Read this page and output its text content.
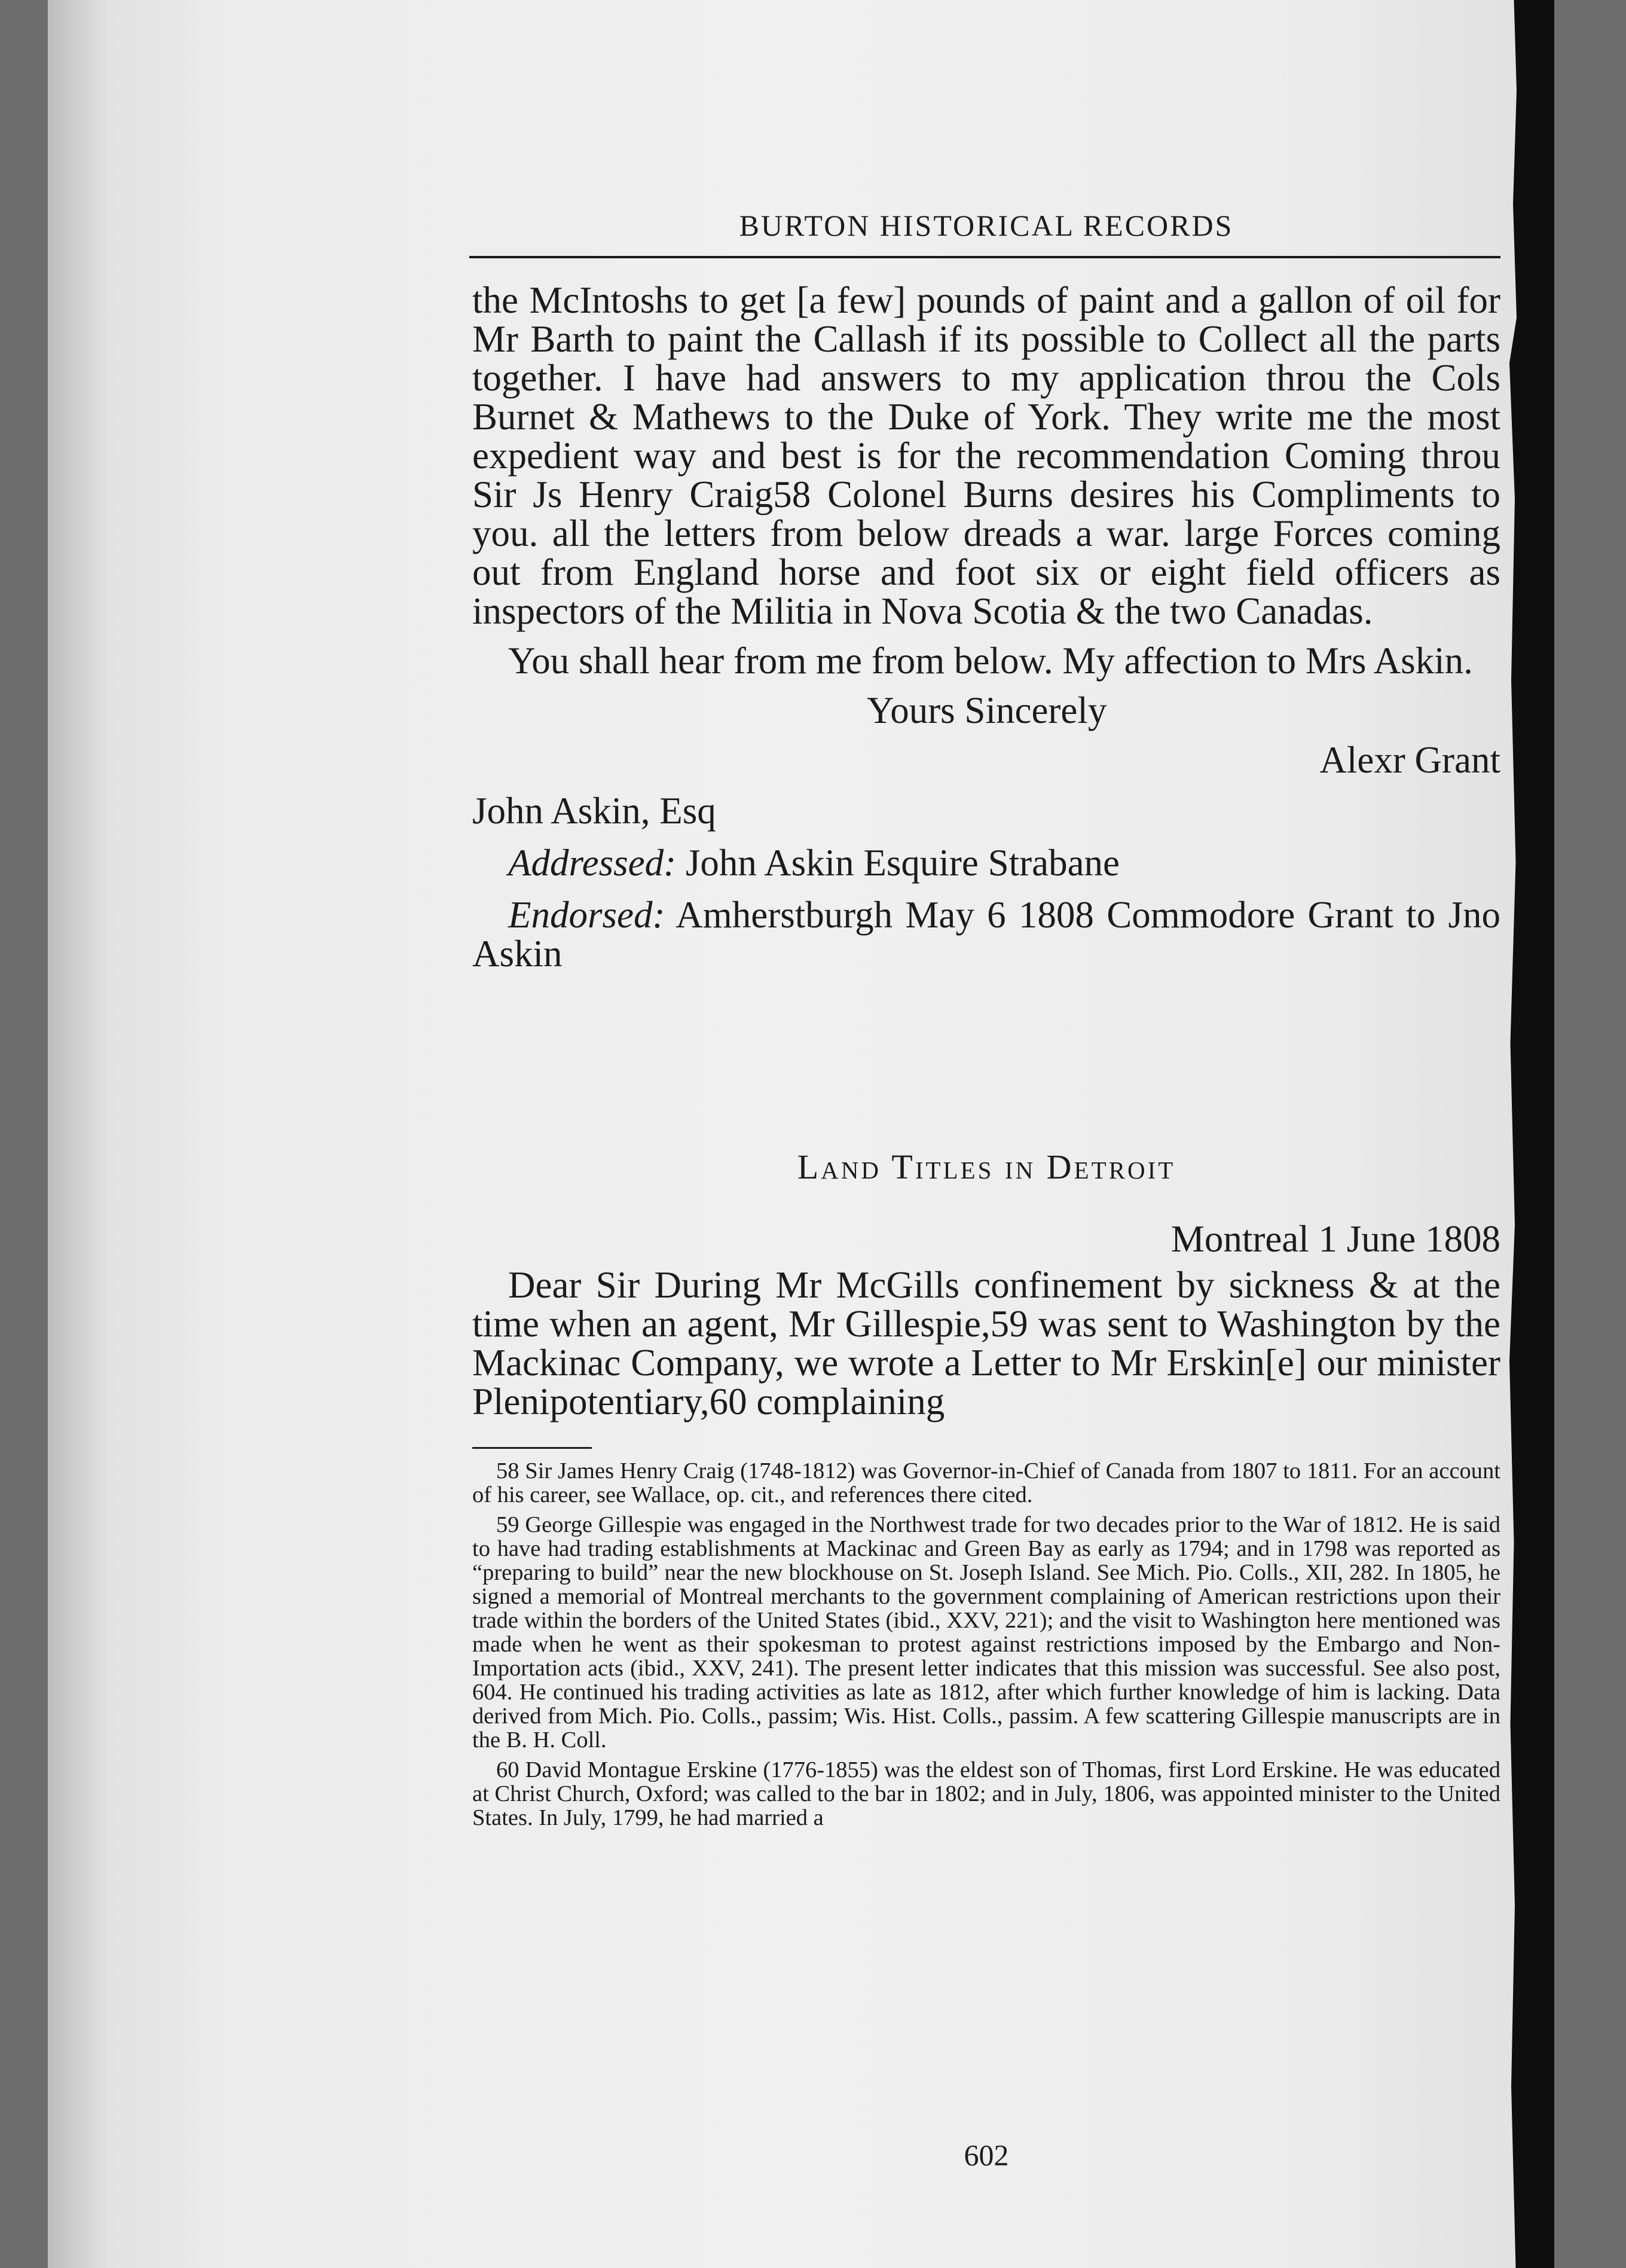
BURTON HISTORICAL RECORDS

the McIntoshs to get [a few] pounds of paint and a gallon of oil for Mr Barth to paint the Callash if its possible to Collect all the parts together. I have had answers to my application throu the Cols Burnet & Mathews to the Duke of York. They write me the most expedient way and best is for the recommendation Coming throu Sir Js Henry Craig58 Colonel Burns desires his Compliments to you. all the letters from below dreads a war. large Forces coming out from England horse and foot six or eight field officers as inspectors of the Militia in Nova Scotia & the two Canadas.

You shall hear from me from below. My affection to Mrs Askin.

Yours Sincerely

Alexr Grant

John Askin, Esq

Addressed: John Askin Esquire Strabane

Endorsed: Amherstburgh May 6 1808 Commodore Grant to Jno Askin

Land Titles in Detroit

Montreal 1 June 1808

Dear Sir During Mr McGills confinement by sickness & at the time when an agent, Mr Gillespie,59 was sent to Washington by the Mackinac Company, we wrote a Letter to Mr Erskin[e] our minister Plenipotentiary,60 complaining

58 Sir James Henry Craig (1748-1812) was Governor-in-Chief of Canada from 1807 to 1811. For an account of his career, see Wallace, op. cit., and references there cited.

59 George Gillespie was engaged in the Northwest trade for two decades prior to the War of 1812. He is said to have had trading establishments at Mackinac and Green Bay as early as 1794; and in 1798 was reported as “preparing to build” near the new blockhouse on St. Joseph Island. See Mich. Pio. Colls., XII, 282. In 1805, he signed a memorial of Montreal merchants to the government complaining of American restrictions upon their trade within the borders of the United States (ibid., XXV, 221); and the visit to Washington here mentioned was made when he went as their spokesman to protest against restrictions imposed by the Embargo and Non-Importation acts (ibid., XXV, 241). The present letter indicates that this mission was successful. See also post, 604. He continued his trading activities as late as 1812, after which further knowledge of him is lacking. Data derived from Mich. Pio. Colls., passim; Wis. Hist. Colls., passim. A few scattering Gillespie manuscripts are in the B. H. Coll.

60 David Montague Erskine (1776-1855) was the eldest son of Thomas, first Lord Erskine. He was educated at Christ Church, Oxford; was called to the bar in 1802; and in July, 1806, was appointed minister to the United States. In July, 1799, he had married a

602
